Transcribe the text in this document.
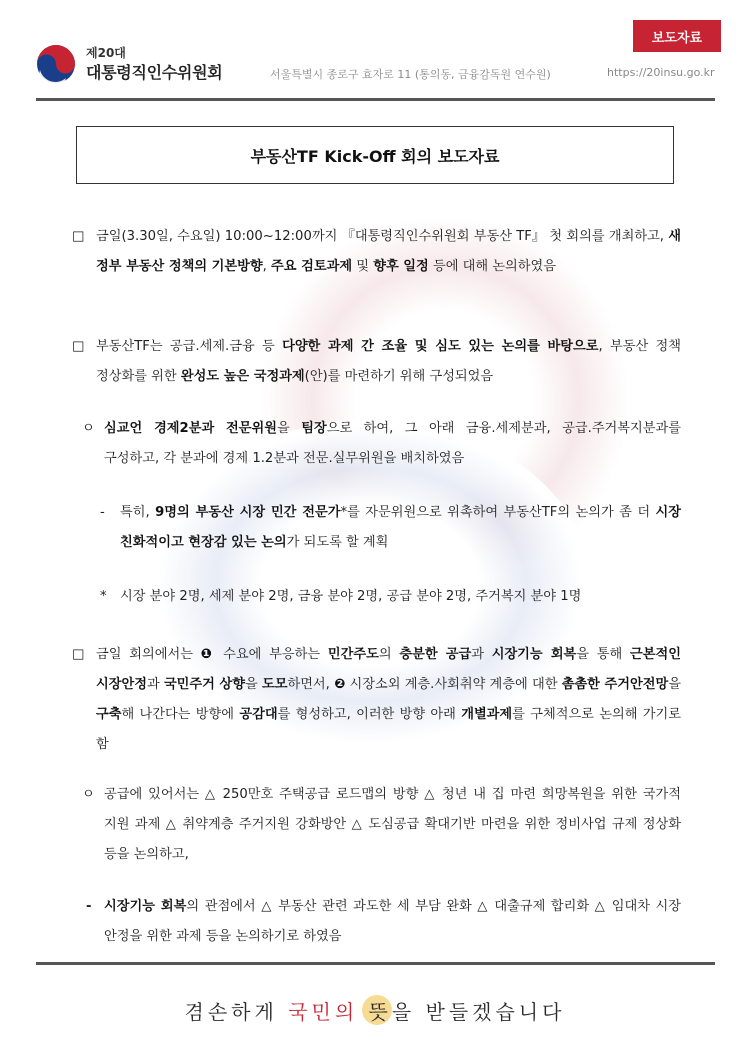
제20대
대통령직인수위원회	서울특별시 종로구 효자로 11 (통의동, 금융감독원 연수원)	https://20insu.go.kr
보도자료
부동산TF Kick-Off 회의 보도자료
□ 금일(3.30일, 수요일) 10:00~12:00까지 『대통령직인수위원회 부동산 TF』 첫 회의를 개최하고, 새 정부 부동산 정책의 기본방향, 주요 검토과제 및 향후 일정 등에 대해 논의하였음
□ 부동산TF는 공급.세제.금융 등 다양한 과제 간 조율 및 심도 있는 논의를 바탕으로, 부동산 정책 정상화를 위한 완성도 높은 국정과제(안)를 마련하기 위해 구성되었음
ㅇ 심교언 경제2분과 전문위원을 팀장으로 하여, 그 아래 금융.세제분과, 공급.주거복지분과를 구성하고, 각 분과에 경제 1.2분과 전문.실무위원을 배치하였음
- 특히, 9명의 부동산 시장 민간 전문가*를 자문위원으로 위촉하여 부동산TF의 논의가 좀 더 시장 친화적이고 현장감 있는 논의가 되도록 할 계획
* 시장 분야 2명, 세제 분야 2명, 금융 분야 2명, 공급 분야 2명, 주거복지 분야 1명
□ 금일 회의에서는 ❶ 수요에 부응하는 민간주도의 충분한 공급과 시장기능 회복을 통해 근본적인 시장안정과 국민주거 상향을 도모하면서, ❷ 시장소외 계층.사회취약 계층에 대한 촘촘한 주거안전망을 구축해 나간다는 방향에 공감대를 형성하고, 이러한 방향 아래 개별과제를 구체적으로 논의해 가기로 함
ㅇ 공급에 있어서는 △ 250만호 주택공급 로드맵의 방향 △ 청년 내 집 마련 희망복원을 위한 국가적 지원 과제 △ 취약계층 주거지원 강화방안 △ 도심공급 확대기반 마련을 위한 정비사업 규제 정상화 등을 논의하고,
- 시장기능 회복의 관점에서 △ 부동산 관련 과도한 세 부담 완화 △ 대출규제 합리화 △ 임대차 시장 안정을 위한 과제 등을 논의하기로 하였음
겸손하게 국민의 뜻을 받들겠습니다
